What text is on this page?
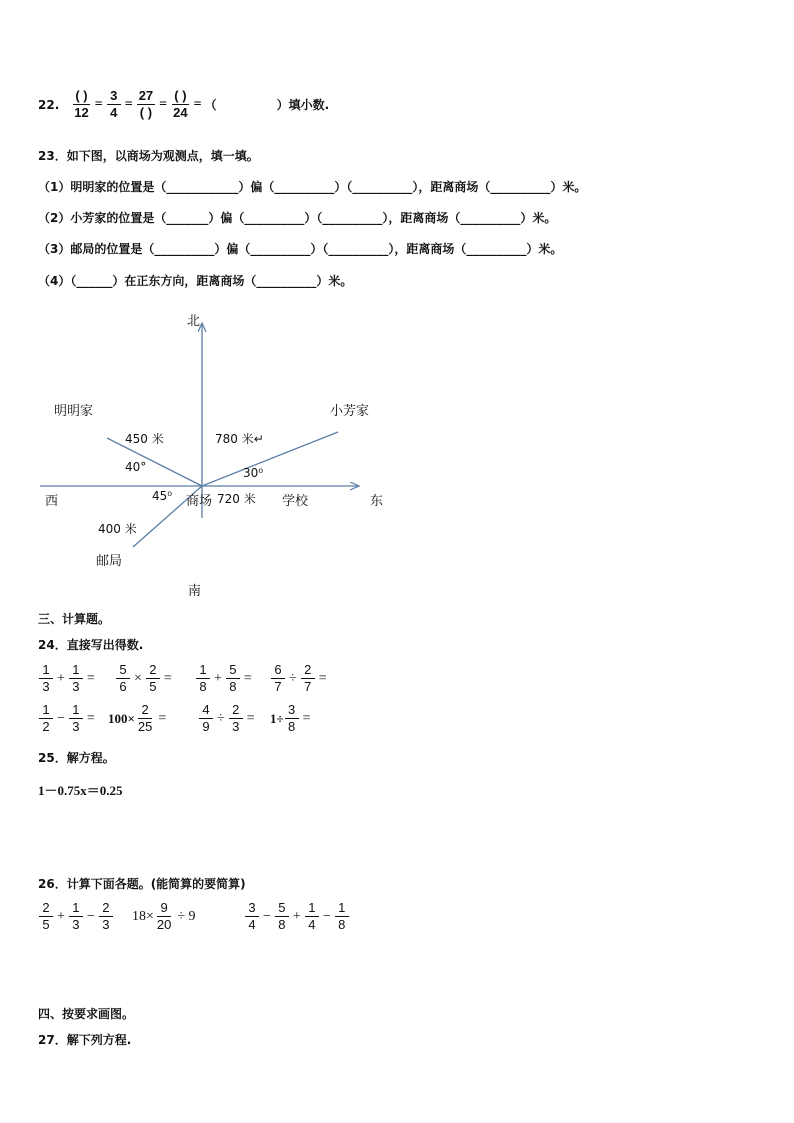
22. $\frac{( )}{12} = \frac{3}{4} = \frac{27}{( )} = \frac{( )}{24}$ = （　　　　　）填小数.
23．如下图，以商场为观测点，填一填。
（1）明明家的位置是（____________）偏（__________）（__________），距离商场（__________）米。
（2）小芳家的位置是（_______）偏（__________）（__________），距离商场（__________）米。
（3）邮局的位置是（__________）偏（__________）（__________），距离商场（__________）米。
（4）（______）在正东方向，距离商场（__________）米。
北
南
西	东
明明家	小芳家
邮局
商场	学校
450 米	780 米↵
400 米
720 米
40°	30⁰
45⁰
三、计算题。
24．直接写出得数.
$\frac{1}{3} + \frac{1}{3} = \frac{5}{6} \times \frac{2}{5} = \frac{1}{8} + \frac{5}{8} = \frac{6}{7} \div \frac{2}{7}$ =
$\frac{1}{2} - \frac{1}{3} = 100\times \frac{2}{25}$ =	$\frac{4}{9} \div \frac{2}{3} = 1\div \frac{3}{8}$ =
25．解方程。
1－0.75x＝0.25
26．计算下面各题。(能简算的要简算)
$\frac{2}{5} + \frac{1}{3} - \frac{2}{3} 18\times \frac{9}{20} \div 9$	$\frac{3}{4} - \frac{5}{8} + \frac{1}{4} - \frac{1}{8}$
四、按要求画图。
27．解下列方程.
